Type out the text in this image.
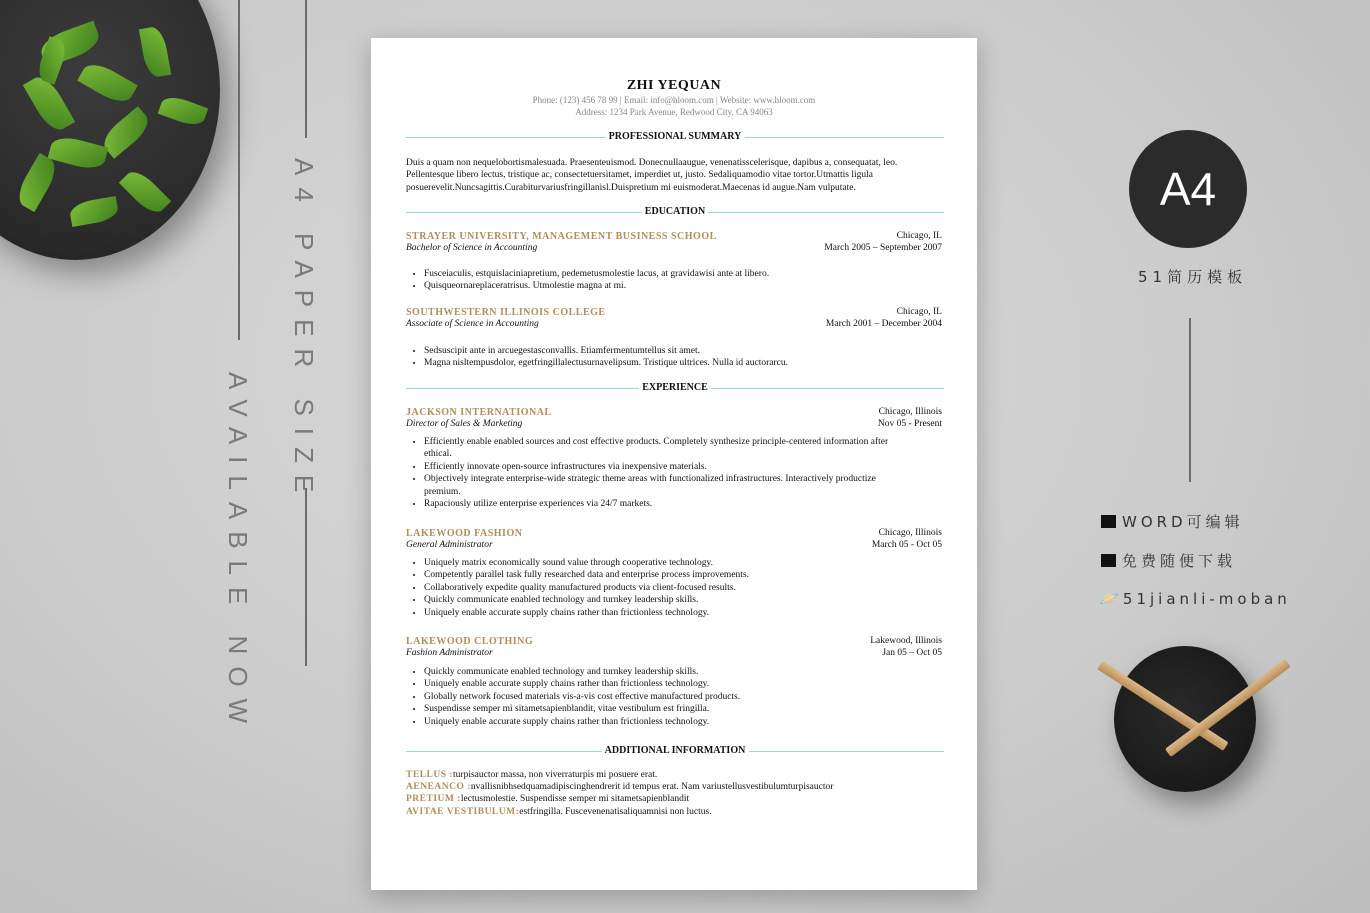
A4 PAPER SIZE
AVAILABLE NOW
A4
51简历模板
WORD可编辑
免费随便下载
🪐51jianli-moban
ZHI YEQUAN
Phone: (123) 456 78 99 | Email: info@hloom.com | Website: www.hloom.com
Address: 1234 Park Avenue, Redwood City, CA 94063
PROFESSIONAL SUMMARY
Duis a quam non nequelobortismalesuada. Praesenteuismod. Donecnullaaugue, venenatisscelerisque, dapibus a, consequatat, leo. Pellentesque libero lectus, tristique ac, consectetuersitamet, imperdiet ut, justo. Sedaliquamodio vitae tortor.Utmattis ligula posuerevelit.Nuncsagittis.Curabiturvariusfringillanisl.Duispretium mi euismoderat.Maecenas id augue.Nam vulputate.
EDUCATION
STRAYER UNIVERSITY, MANAGEMENT BUSINESS SCHOOL	Chicago, IL
Bachelor of Science in Accounting	March 2005 – September 2007
• Fusceiaculis, estquislaciniapretium, pedemetusmolestie lacus, at gravidawisi ante at libero.
• Quisqueornareplaceratrisus. Utmolestie magna at mi.
SOUTHWESTERN ILLINOIS COLLEGE	Chicago, IL
Associate of Science in Accounting	March 2001 – December 2004
• Sedsuscipit ante in arcuegestasconvallis. Etiamfermentumtellus sit amet.
• Magna nisltempusdolor, egetfringillalectusurnavelipsum. Tristique ultrices. Nulla id auctorarcu.
EXPERIENCE
JACKSON INTERNATIONAL	Chicago, Illinois
Director of Sales & Marketing	Nov 05 - Present
• Efficiently enable enabled sources and cost effective products. Completely synthesize principle-centered information after ethical.
• Efficiently innovate open-source infrastructures via inexpensive materials.
• Objectively integrate enterprise-wide strategic theme areas with functionalized infrastructures. Interactively productize premium.
• Rapaciously utilize enterprise experiences via 24/7 markets.
LAKEWOOD FASHION	Chicago, Illinois
General Administrator	March 05 - Oct 05
• Uniquely matrix economically sound value through cooperative technology.
• Competently parallel task fully researched data and enterprise process improvements.
• Collaboratively expedite quality manufactured products via client-focused results.
• Quickly communicate enabled technology and turnkey leadership skills.
• Uniquely enable accurate supply chains rather than frictionless technology.
LAKEWOOD CLOTHING	Lakewood, Illinois
Fashion Administrator	Jan 05 – Oct 05
• Quickly communicate enabled technology and turnkey leadership skills.
• Uniquely enable accurate supply chains rather than frictionless technology.
• Globally network focused materials vis-a-vis cost effective manufactured products.
• Suspendisse semper mi sitametsapienblandit, vitae vestibulum est fringilla.
• Uniquely enable accurate supply chains rather than frictionless technology.
ADDITIONAL INFORMATION
TELLUS :turpisauctor massa, non viverraturpis mi posuere erat.
AENEANCO :nvallisnibhsedquamadipiscinghendrerit id tempus erat. Nam variustellusvestibulumturpisauctor
PRETIUM :lectusmolestie. Suspendisse semper mi sitametsapienblandit
AVITAE VESTIBULUM:estfringilla. Fuscevenenatisaliquamnisi non luctus.
